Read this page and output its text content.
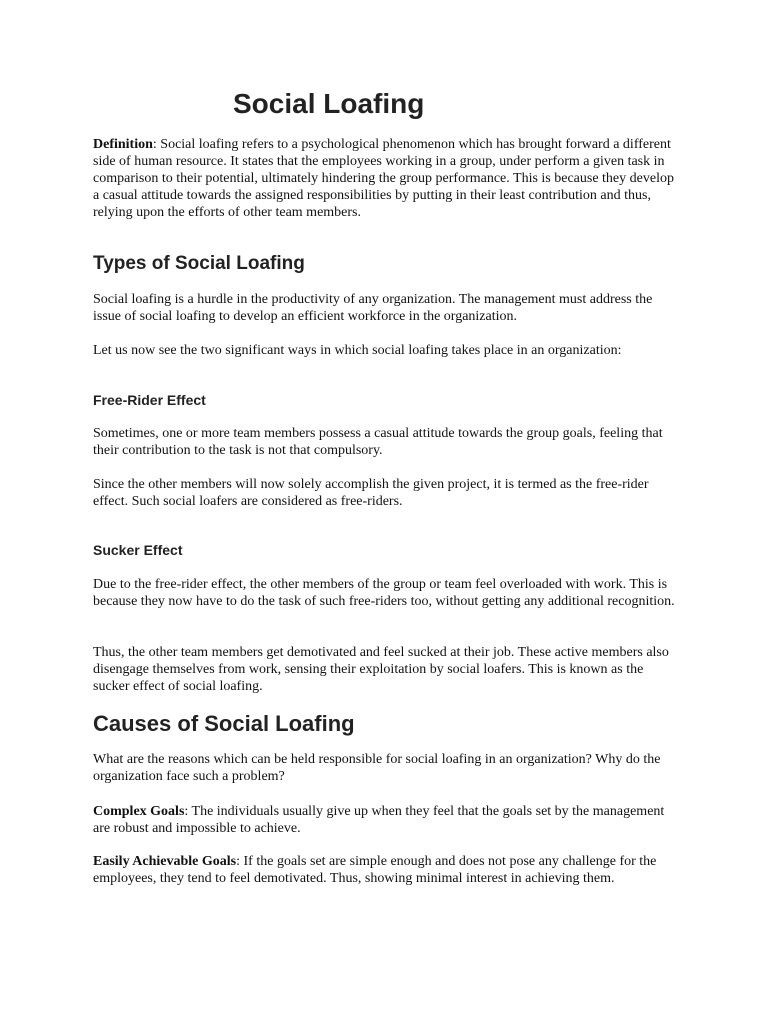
Social Loafing

Definition: Social loafing refers to a psychological phenomenon which has brought forward a different side of human resource. It states that the employees working in a group, under perform a given task in comparison to their potential, ultimately hindering the group performance. This is because they develop a casual attitude towards the assigned responsibilities by putting in their least contribution and thus, relying upon the efforts of other team members.

Types of Social Loafing

Social loafing is a hurdle in the productivity of any organization. The management must address the issue of social loafing to develop an efficient workforce in the organization.

Let us now see the two significant ways in which social loafing takes place in an organization:

Free-Rider Effect

Sometimes, one or more team members possess a casual attitude towards the group goals, feeling that their contribution to the task is not that compulsory.

Since the other members will now solely accomplish the given project, it is termed as the free-rider effect. Such social loafers are considered as free-riders.

Sucker Effect

Due to the free-rider effect, the other members of the group or team feel overloaded with work. This is because they now have to do the task of such free-riders too, without getting any additional recognition.

Thus, the other team members get demotivated and feel sucked at their job. These active members also disengage themselves from work, sensing their exploitation by social loafers. This is known as the sucker effect of social loafing.

Causes of Social Loafing

What are the reasons which can be held responsible for social loafing in an organization? Why do the organization face such a problem?

Complex Goals: The individuals usually give up when they feel that the goals set by the management are robust and impossible to achieve.

Easily Achievable Goals: If the goals set are simple enough and does not pose any challenge for the employees, they tend to feel demotivated. Thus, showing minimal interest in achieving them.
